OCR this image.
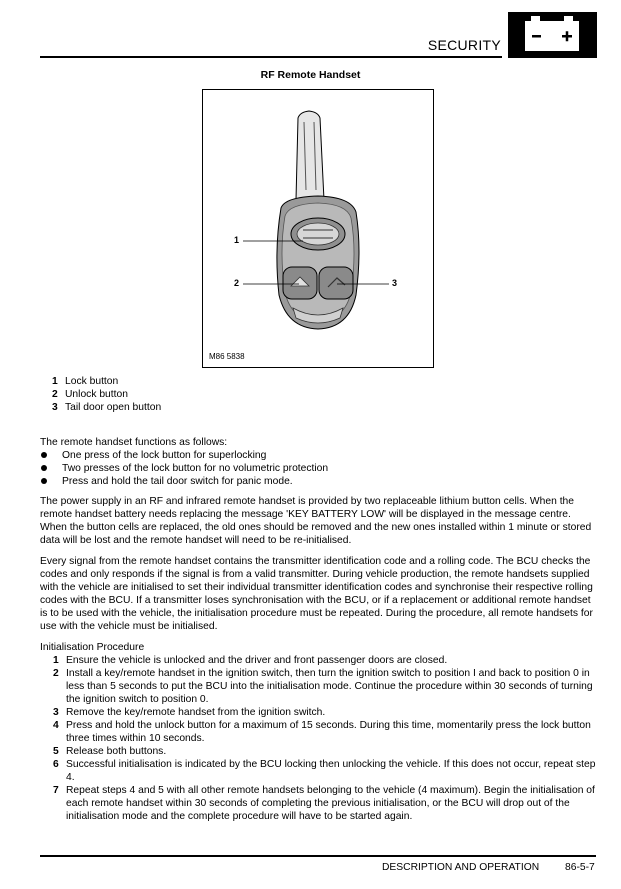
SECURITY
RF Remote Handset
1
2	3
M86 5838
1 Lock button
2 Unlock button
3 Tail door open button
The remote handset functions as follows:
One press of the lock button for superlocking
Two presses of the lock button for no volumetric protection
Press and hold the tail door switch for panic mode.
The power supply in an RF and infrared remote handset is provided by two replaceable lithium button cells. When the remote handset battery needs replacing the message 'KEY BATTERY LOW' will be displayed in the message centre. When the button cells are replaced, the old ones should be removed and the new ones installed within 1 minute or stored data will be lost and the remote handset will need to be re-initialised.
Every signal from the remote handset contains the transmitter identification code and a rolling code. The BCU checks the codes and only responds if the signal is from a valid transmitter. During vehicle production, the remote handsets supplied with the vehicle are initialised to set their individual transmitter identification codes and synchronise their respective rolling codes with the BCU. If a transmitter loses synchronisation with the BCU, or if a replacement or additional remote handset is to be used with the vehicle, the initialisation procedure must be repeated. During the procedure, all remote handsets for use with the vehicle must be initialised.
Initialisation Procedure
1 Ensure the vehicle is unlocked and the driver and front passenger doors are closed.
2 Install a key/remote handset in the ignition switch, then turn the ignition switch to position I and back to position 0 in less than 5 seconds to put the BCU into the initialisation mode. Continue the procedure within 30 seconds of turning the ignition switch to position 0.
3 Remove the key/remote handset from the ignition switch.
4 Press and hold the unlock button for a maximum of 15 seconds. During this time, momentarily press the lock button three times within 10 seconds.
5 Release both buttons.
6 Successful initialisation is indicated by the BCU locking then unlocking the vehicle. If this does not occur, repeat step 4.
7 Repeat steps 4 and 5 with all other remote handsets belonging to the vehicle (4 maximum). Begin the initialisation of each remote handset within 30 seconds of completing the previous initialisation, or the BCU will drop out of the initialisation mode and the complete procedure will have to be started again.
DESCRIPTION AND OPERATION	86-5-7
